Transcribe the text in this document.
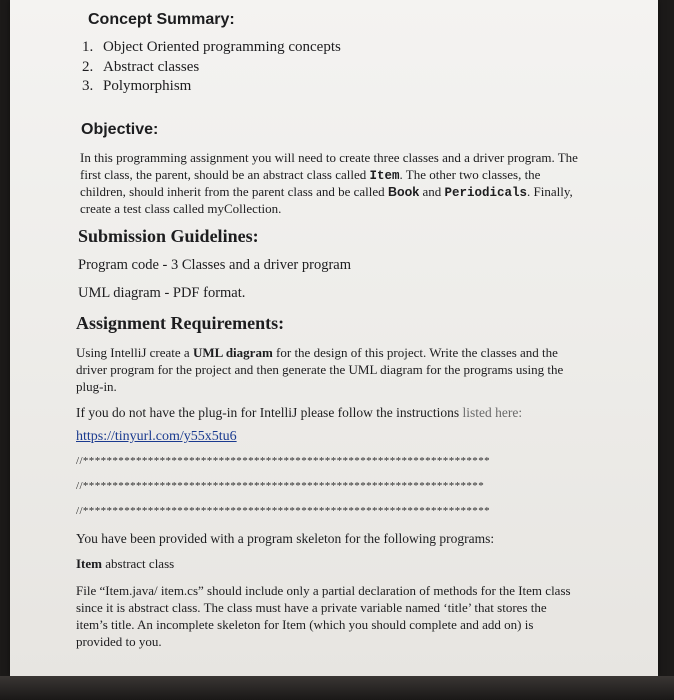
Concept Summary:
1. Object Oriented programming concepts
2. Abstract classes
3. Polymorphism
Objective:
In this programming assignment you will need to create three classes and a driver program. The
first class, the parent, should be an abstract class called Item. The other two classes, the
children, should inherit from the parent class and be called Book and Periodicals. Finally,
create a test class called myCollection.
Submission Guidelines:
Program code - 3 Classes and a driver program
UML diagram - PDF format.
Assignment Requirements:
Using IntelliJ create a UML diagram for the design of this project. Write the classes and the
driver program for the project and then generate the UML diagram for the programs using the
plug-in.
If you do not have the plug-in for IntelliJ please follow the instructions listed here:
https://tinyurl.com/y55x5tu6
//*********************************************************************
//********************************************************************
//*********************************************************************
You have been provided with a program skeleton for the following programs:
Item abstract class
File “Item.java/ item.cs” should include only a partial declaration of methods for the Item class
since it is abstract class. The class must have a private variable named ‘title’ that stores the
item’s title. An incomplete skeleton for Item (which you should complete and add on) is
provided to you.
